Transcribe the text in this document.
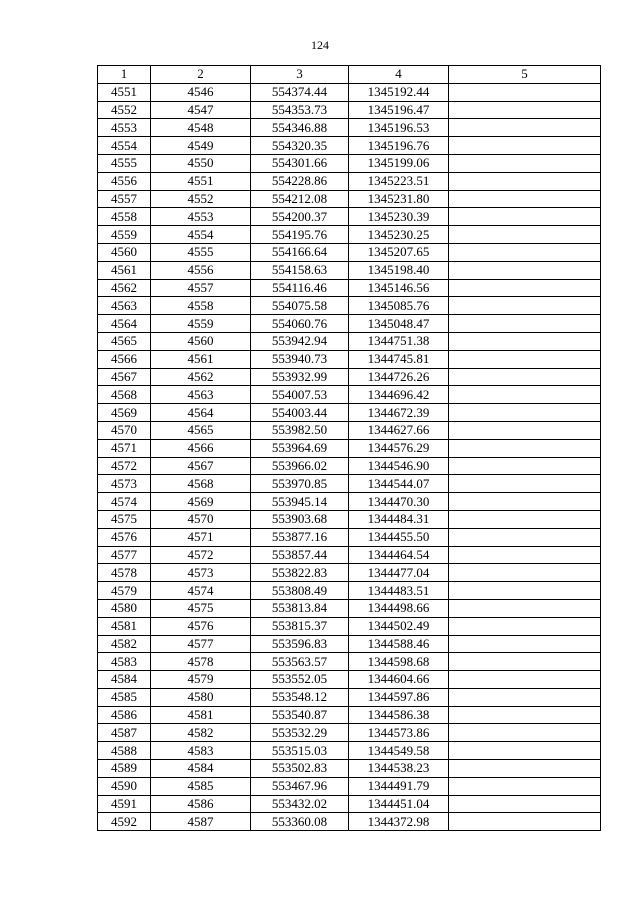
124
1	2	3	4	5
4551	4546	554374.44	1345192.44	
4552	4547	554353.73	1345196.47	
4553	4548	554346.88	1345196.53	
4554	4549	554320.35	1345196.76	
4555	4550	554301.66	1345199.06	
4556	4551	554228.86	1345223.51	
4557	4552	554212.08	1345231.80	
4558	4553	554200.37	1345230.39	
4559	4554	554195.76	1345230.25	
4560	4555	554166.64	1345207.65	
4561	4556	554158.63	1345198.40	
4562	4557	554116.46	1345146.56	
4563	4558	554075.58	1345085.76	
4564	4559	554060.76	1345048.47	
4565	4560	553942.94	1344751.38	
4566	4561	553940.73	1344745.81	
4567	4562	553932.99	1344726.26	
4568	4563	554007.53	1344696.42	
4569	4564	554003.44	1344672.39	
4570	4565	553982.50	1344627.66	
4571	4566	553964.69	1344576.29	
4572	4567	553966.02	1344546.90	
4573	4568	553970.85	1344544.07	
4574	4569	553945.14	1344470.30	
4575	4570	553903.68	1344484.31	
4576	4571	553877.16	1344455.50	
4577	4572	553857.44	1344464.54	
4578	4573	553822.83	1344477.04	
4579	4574	553808.49	1344483.51	
4580	4575	553813.84	1344498.66	
4581	4576	553815.37	1344502.49	
4582	4577	553596.83	1344588.46	
4583	4578	553563.57	1344598.68	
4584	4579	553552.05	1344604.66	
4585	4580	553548.12	1344597.86	
4586	4581	553540.87	1344586.38	
4587	4582	553532.29	1344573.86	
4588	4583	553515.03	1344549.58	
4589	4584	553502.83	1344538.23	
4590	4585	553467.96	1344491.79	
4591	4586	553432.02	1344451.04	
4592	4587	553360.08	1344372.98	
